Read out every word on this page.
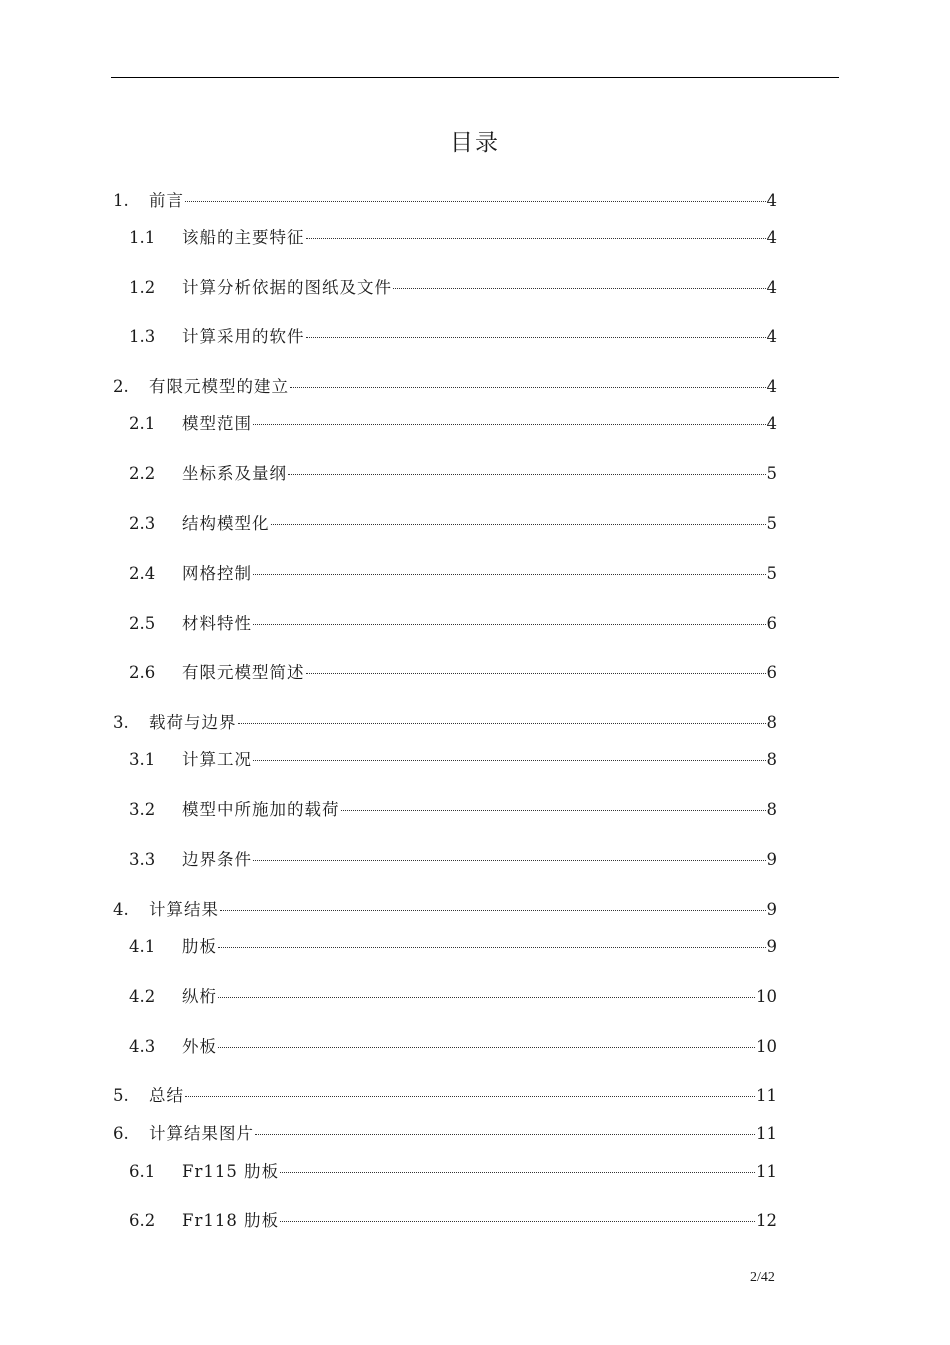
目录
1.	前言	4
1.1	该船的主要特征	4
1.2	计算分析依据的图纸及文件	4
1.3	计算采用的软件	4
2.	有限元模型的建立	4
2.1	模型范围	4
2.2	坐标系及量纲	5
2.3	结构模型化	5
2.4	网格控制	5
2.5	材料特性	6
2.6	有限元模型简述	6
3.	载荷与边界	8
3.1	计算工况	8
3.2	模型中所施加的载荷	8
3.3	边界条件	9
4.	计算结果	9
4.1	肋板	9
4.2	纵桁	10
4.3	外板	10
5.	总结	11
6.	计算结果图片	11
6.1	Fr115 肋板	11
6.2	Fr118 肋板	12
2/42
